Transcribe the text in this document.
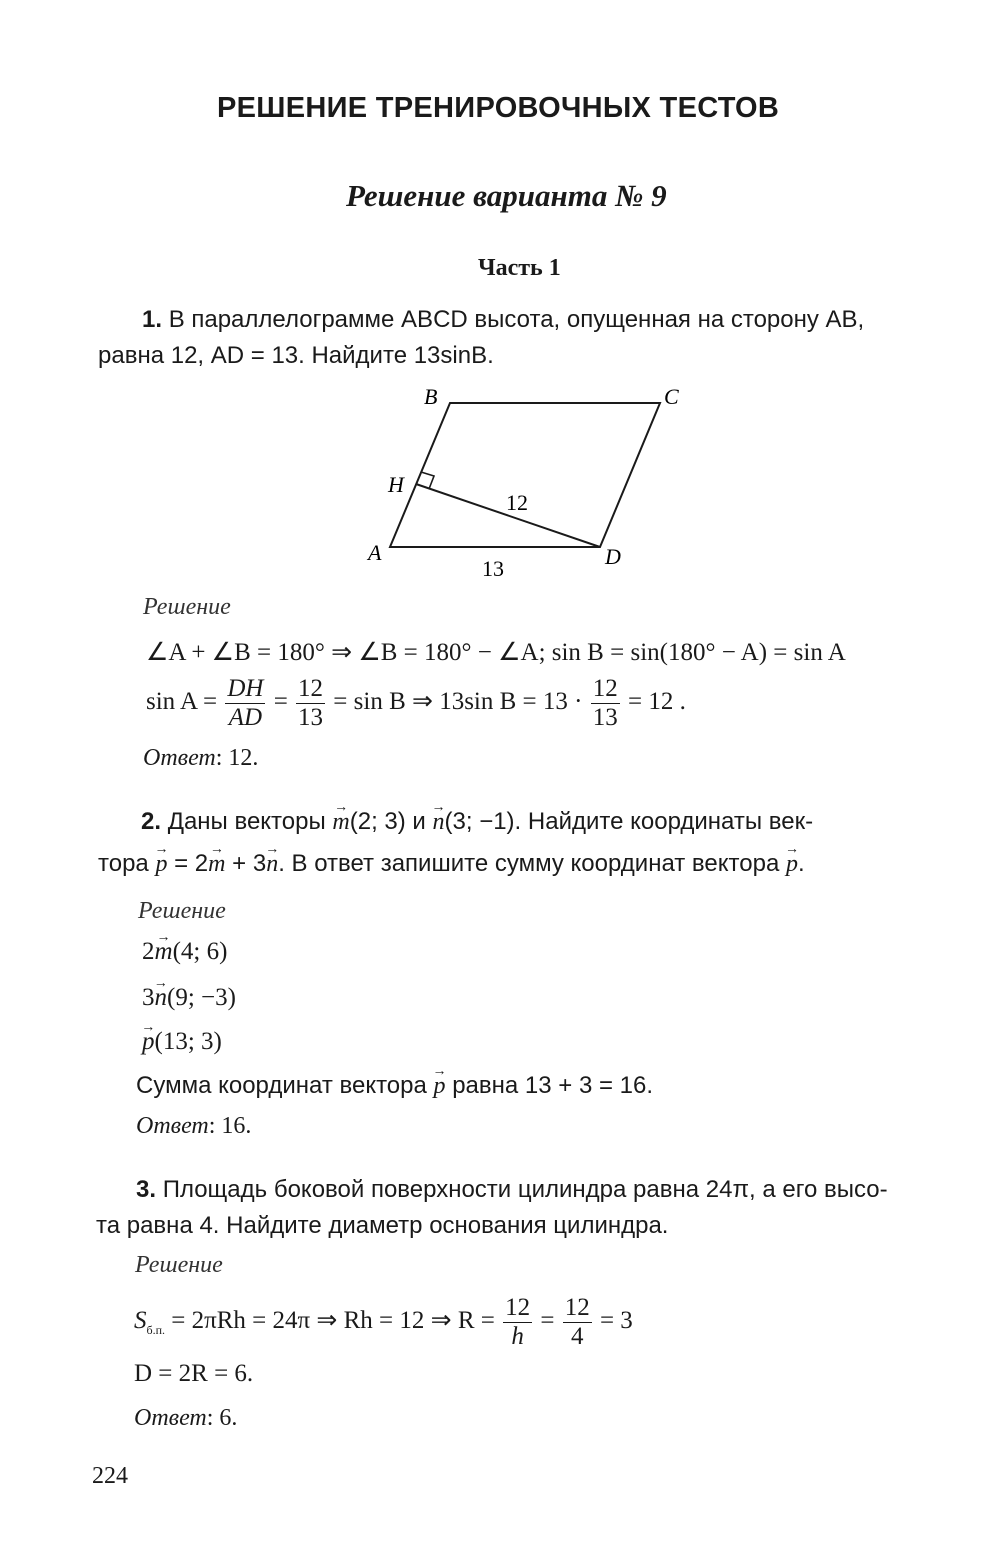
РЕШЕНИЕ ТРЕНИРОВОЧНЫХ ТЕСТОВ
Решение варианта № 9
Часть 1
1. В параллелограмме ABCD высота, опущенная на сторону AB,
равна 12, AD = 13. Найдите 13sinB.
B	C
H
A	D
12
13
Решение
∠A + ∠B = 180° ⇒ ∠B = 180° − ∠A; sin B = sin(180° − A) = sin A
$\sin A = \frac{DH}{AD} = \frac{12}{13} = \sin B$ ⇒ 13sin $B = 13 \cdot \frac{12}{13} = 12$ .
Ответ: 12.
2. Даны векторы → m(2; 3) и → n(3; −1). Найдите координаты век-
тора → p = 2→ m + 3→ n. В ответ запишите сумму координат вектора → p.
Решение
2→ m(4; 6)
3→ n(9; −3)
→ p(13; 3)
Сумма координат вектора → p равна 13 + 3 = 16.
Ответ: 16.
3. Площадь боковой поверхности цилиндра равна 24π, а его высо-
та равна 4. Найдите диаметр основания цилиндра.
Решение
$S_{б.п.} = 2\pi Rh = 24\pi$ ⇒ Rh = 12 ⇒ $R = \frac{12}{h} = \frac{12}{4} = 3$
D = 2R = 6.
Ответ: 6.
224
